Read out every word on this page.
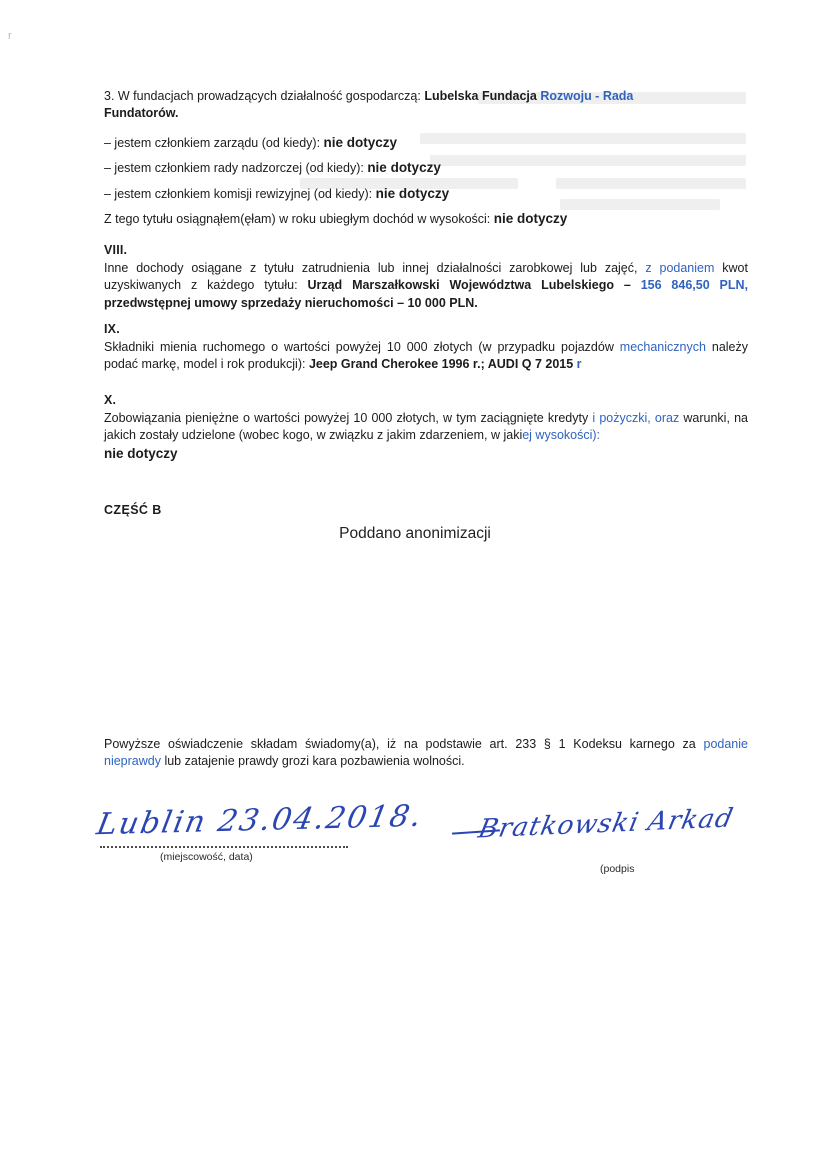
r

3. W fundacjach prowadzących działalność gospodarczą: Lubelska Fundacja Rozwoju - Rada
Fundatorów.

– jestem członkiem zarządu (od kiedy): nie dotyczy
– jestem członkiem rady nadzorczej (od kiedy): nie dotyczy
– jestem członkiem komisji rewizyjnej (od kiedy): nie dotyczy
Z tego tytułu osiągnąłem(ęłam) w roku ubiegłym dochód w wysokości: nie dotyczy
VIII.

Inne dochody osiągane z tytułu zatrudnienia lub innej działalności zarobkowej lub zajęć, z podaniem kwot uzyskiwanych z każdego tytułu: Urząd Marszałkowski Województwa Lubelskiego – 156 846,50 PLN, przedwstępnej umowy sprzedaży nieruchomości – 10 000 PLN.

IX.

Składniki mienia ruchomego o wartości powyżej 10 000 złotych (w przypadku pojazdów mechanicznych należy podać markę, model i rok produkcji): Jeep Grand Cherokee 1996 r.; AUDI Q 7 2015 r

X.

Zobowiązania pieniężne o wartości powyżej 10 000 złotych, w tym zaciągnięte kredyty i pożyczki, oraz warunki, na jakich zostały udzielone (wobec kogo, w związku z jakim zdarzeniem, w jakiej wysokości):

nie dotyczy

CZĘŚĆ B
Poddano anonimizacji

Powyższe oświadczenie składam świadomy(a), iż na podstawie art. 233 § 1 Kodeksu karnego za podanie nieprawdy lub zatajenie prawdy grozi kara pozbawienia wolności.

Lublin 23.04.2018.
(miejscowość, data)
Bratkowski Arkad
(podpis
